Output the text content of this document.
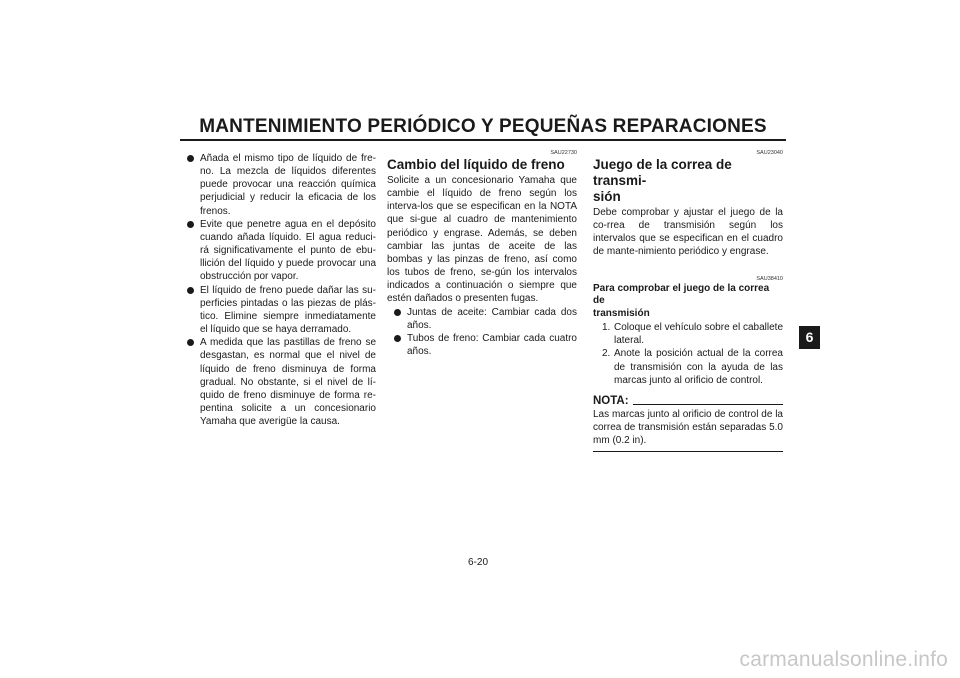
MANTENIMIENTO PERIÓDICO Y PEQUEÑAS REPARACIONES
6
Añada el mismo tipo de líquido de fre-no. La mezcla de líquidos diferentes puede provocar una reacción química perjudicial y reducir la eficacia de los frenos.
Evite que penetre agua en el depósito cuando añada líquido. El agua reduci-rá significativamente el punto de ebu-llición del líquido y puede provocar una obstrucción por vapor.
El líquido de freno puede dañar las su-perficies pintadas o las piezas de plás-tico. Elimine siempre inmediatamente el líquido que se haya derramado.
A medida que las pastillas de freno se desgastan, es normal que el nivel de líquido de freno disminuya de forma gradual. No obstante, si el nivel de lí-quido de freno disminuye de forma re-pentina solicite a un concesionario Yamaha que averigüe la causa.
SAU22730
Cambio del líquido de freno
Solicite a un concesionario Yamaha que cambie el líquido de freno según los interva-los que se especifican en la NOTA que si-gue al cuadro de mantenimiento periódico y engrase. Además, se deben cambiar las juntas de aceite de las bombas y las pinzas de freno, así como los tubos de freno, se-gún los intervalos indicados a continuación o siempre que estén dañados o presenten fugas.
Juntas de aceite: Cambiar cada dos años.
Tubos de freno: Cambiar cada cuatro años.
SAU23040
Juego de la correa de transmi-
sión
Debe comprobar y ajustar el juego de la co-rrea de transmisión según los intervalos que se especifican en el cuadro de mante-nimiento periódico y engrase.
SAU38410
Para comprobar el juego de la correa de
transmisión
1. Coloque el vehículo sobre el caballete lateral.
2. Anote la posición actual de la correa de transmisión con la ayuda de las marcas junto al orificio de control.
NOTA:
Las marcas junto al orificio de control de la correa de transmisión están separadas 5.0 mm (0.2 in).
6-20
carmanualsonline.info
